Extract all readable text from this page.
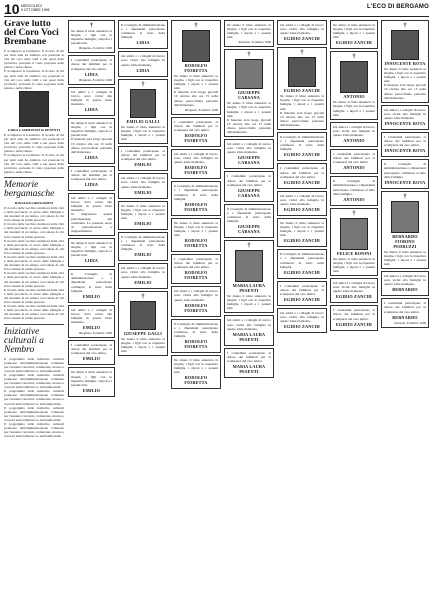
10 MERCOLEDÌ
9 OTTOBRE 1996	L'ECO DI BERGAMO
Grave lutto del Coro Voci Brembane

È scomparsa la fondatrice. Il ricordo di chi per tanti anni ha animato con passione la vita del coro nelle valli e nei paesi della provincia, portando il canto popolare nelle piazze e nelle chiese.

È scomparsa la fondatrice. Il ricordo di chi per tanti anni ha animato con passione la vita del coro nelle valli e nei paesi della provincia, portando il canto popolare nelle piazze e nelle chiese.

LIDIA CAMMINATI in PESENTI

È scomparsa la fondatrice. Il ricordo di chi per tanti anni ha animato con passione la vita del coro nelle valli e nei paesi della provincia, portando il canto popolare nelle piazze e nelle chiese.

È scomparsa la fondatrice. Il ricordo di chi per tanti anni ha animato con passione la vita del coro nelle valli e nei paesi della provincia, portando il canto popolare nelle piazze e nelle chiese.

Memorie bergamasche
RINALDO GREGORINI

Il ricordo delle vecchie tradizioni della città e della provincia, le storie delle famiglie e dei mestieri di un tempo, raccontate da chi le ha vissute in prima persona.

Il ricordo delle vecchie tradizioni della città e della provincia, le storie delle famiglie e dei mestieri di un tempo, raccontate da chi le ha vissute in prima persona.

Il ricordo delle vecchie tradizioni della città e della provincia, le storie delle famiglie e dei mestieri di un tempo, raccontate da chi le ha vissute in prima persona.

Il ricordo delle vecchie tradizioni della città e della provincia, le storie delle famiglie e dei mestieri di un tempo, raccontate da chi le ha vissute in prima persona.

Il ricordo delle vecchie tradizioni della città e della provincia, le storie delle famiglie e dei mestieri di un tempo, raccontate da chi le ha vissute in prima persona.

Il ricordo delle vecchie tradizioni della città e della provincia, le storie delle famiglie e dei mestieri di un tempo, raccontate da chi le ha vissute in prima persona.

Il ricordo delle vecchie tradizioni della città e della provincia, le storie delle famiglie e dei mestieri di un tempo, raccontate da chi le ha vissute in prima persona.

Iniziative culturali a Nembro

Il programma delle iniziative culturali promosse dall'amministrazione comunale per l'autunno: incontri, conferenze, mostre e concerti nella biblioteca e nell'auditorium.

Il programma delle iniziative culturali promosse dall'amministrazione comunale per l'autunno: incontri, conferenze, mostre e concerti nella biblioteca e nell'auditorium.

Il programma delle iniziative culturali promosse dall'amministrazione comunale per l'autunno: incontri, conferenze, mostre e concerti nella biblioteca e nell'auditorium.

Il programma delle iniziative culturali promosse dall'amministrazione comunale per l'autunno: incontri, conferenze, mostre e concerti nella biblioteca e nell'auditorium.

Il programma delle iniziative culturali promosse dall'amministrazione comunale per l'autunno: incontri, conferenze, mostre e concerti nella biblioteca e nell'auditorium.

†

Ne danno il triste annuncio la moglie, i figli con le rispettive famiglie, i nipoti e i parenti tutti.

Bergamo, 8 ottobre 1996

I condomini partecipano al dolore dei familiari per la scomparsa del caro amico.

LIDIA

Bergamo, 8 ottobre 1996

Gli amici e i colleghi di lavoro sono vicini alla famiglia in questo triste momento.

LIDIA

Ne danno il triste annuncio la moglie, i figli con le rispettive famiglie, i nipoti e i parenti tutti.

Il funerale avrà luogo giovedì 10 ottobre alle ore 15 nella chiesa parrocchiale partendo dall'abitazione.

LIDIA

I condomini partecipano al dolore dei familiari per la scomparsa del caro amico.

LIDIA

Gli amici e i colleghi di lavoro sono vicini alla famiglia in questo triste momento.

Si ringraziano quanti parteciperanno alla cerimonia. La presente serve di partecipazione e ringraziamento.

Ne danno il triste annuncio la moglie, i figli con le rispettive famiglie, i nipoti e i parenti tutti.

LIDIA

Il Consiglio di amministrazione e i dipendenti partecipano commossi al lutto della famiglia.

EMILIO

Gli amici e i colleghi di lavoro sono vicini alla famiglia in questo triste momento.

EMILIO

Bergamo, 8 ottobre 1996

I condomini partecipano al dolore dei familiari per la scomparsa del caro amico.

EMILIO

Ne danno il triste annuncio la moglie, i figli con le rispettive famiglie, i nipoti e i parenti tutti.

EMILIO

Il Consiglio di amministrazione e i dipendenti partecipano commossi al lutto della famiglia.

LIDIA

Gli amici e i colleghi di lavoro sono vicini alla famiglia in questo triste momento.

LIDIA
†
EMILIO GALLI

Ne danno il triste annuncio la moglie, i figli con le rispettive famiglie, i nipoti e i parenti tutti.

I condomini partecipano al dolore dei familiari per la scomparsa del caro amico.

EMILIO

Gli amici e i colleghi di lavoro sono vicini alla famiglia in questo triste momento.

EMILIO

Ne danno il triste annuncio la moglie, i figli con le rispettive famiglie, i nipoti e i parenti tutti.

EMILIO

Il Consiglio di amministrazione e i dipendenti partecipano commossi al lutto della famiglia.

EMILIO

Gli amici e i colleghi di lavoro sono vicini alla famiglia in questo triste momento.

EMILIO
†
GIUSEPPE GALLI

Ne danno il triste annuncio la moglie, i figli con le rispettive famiglie, i nipoti e i parenti tutti.

†
RODOLFO FIORETTA

Ne danno il triste annuncio la moglie, i figli con le rispettive famiglie, i nipoti e i parenti tutti.

Il funerale avrà luogo giovedì 10 ottobre alle ore 15 nella chiesa parrocchiale partendo dall'abitazione.

Bergamo, 8 ottobre 1996

I condomini partecipano al dolore dei familiari per la scomparsa del caro amico.

RODOLFO FIORETTA

Gli amici e i colleghi di lavoro sono vicini alla famiglia in questo triste momento.

RODOLFO FIORETTA

Il Consiglio di amministrazione e i dipendenti partecipano commossi al lutto della famiglia.

RODOLFO FIORETTA

Ne danno il triste annuncio la moglie, i figli con le rispettive famiglie, i nipoti e i parenti tutti.

RODOLFO FIORETTA

I condomini partecipano al dolore dei familiari per la scomparsa del caro amico.

RODOLFO FIORETTA

Gli amici e i colleghi di lavoro sono vicini alla famiglia in questo triste momento.

RODOLFO FIORETTA

Il Consiglio di amministrazione e i dipendenti partecipano commossi al lutto della famiglia.

RODOLFO FIORETTA

Ne danno il triste annuncio la moglie, i figli con le rispettive famiglie, i nipoti e i parenti tutti.

RODOLFO FIORETTA

Ne danno il triste annuncio la moglie, i figli con le rispettive famiglie, i nipoti e i parenti tutti.

Almenno, 8 ottobre 1996

†
GIUSEPPE CARSANA

Ne danno il triste annuncio la moglie, i figli con le rispettive famiglie, i nipoti e i parenti tutti.

Il funerale avrà luogo giovedì 10 ottobre alle ore 15 nella chiesa parrocchiale partendo dall'abitazione.

Gli amici e i colleghi di lavoro sono vicini alla famiglia in questo triste momento.

GIUSEPPE CARSANA

I condomini partecipano al dolore dei familiari per la scomparsa del caro amico.

GIUSEPPE CARSANA

Il Consiglio di amministrazione e i dipendenti partecipano commossi al lutto della famiglia.

GIUSEPPE CARSANA
†
MARIA LAURA PESENTI

Ne danno il triste annuncio la moglie, i figli con le rispettive famiglie, i nipoti e i parenti tutti.

Gli amici e i colleghi di lavoro sono vicini alla famiglia in questo triste momento.

MARIA LAURA PESENTI

I condomini partecipano al dolore dei familiari per la scomparsa del caro amico.

MARIA LAURA PESENTI

Gli amici e i colleghi di lavoro sono vicini alla famiglia in questo triste momento.

EGIDIO ZANCHI
†
EGIDIO ZANCHI

Ne danno il triste annuncio la moglie, i figli con le rispettive famiglie, i nipoti e i parenti tutti.

Il funerale avrà luogo giovedì 10 ottobre alle ore 15 nella chiesa parrocchiale partendo dall'abitazione.

Il Consiglio di amministrazione e i dipendenti partecipano commossi al lutto della famiglia.

EGIDIO ZANCHI

I condomini partecipano al dolore dei familiari per la scomparsa del caro amico.

EGIDIO ZANCHI

Gli amici e i colleghi di lavoro sono vicini alla famiglia in questo triste momento.

EGIDIO ZANCHI

Ne danno il triste annuncio la moglie, i figli con le rispettive famiglie, i nipoti e i parenti tutti.

EGIDIO ZANCHI

Il Consiglio di amministrazione e i dipendenti partecipano commossi al lutto della famiglia.

EGIDIO ZANCHI

I condomini partecipano al dolore dei familiari per la scomparsa del caro amico.

EGIDIO ZANCHI

Gli amici e i colleghi di lavoro sono vicini alla famiglia in questo triste momento.

EGIDIO ZANCHI

Ne danno il triste annuncio la moglie, i figli con le rispettive famiglie, i nipoti e i parenti tutti.

EGIDIO ZANCHI
†
ANTONIO

Ne danno il triste annuncio la moglie, i figli con le rispettive famiglie, i nipoti e i parenti tutti.

Gli amici e i colleghi di lavoro sono vicini alla famiglia in questo triste momento.

ANTONIO

I condomini partecipano al dolore dei familiari per la scomparsa del caro amico.

ANTONIO

Il Consiglio di amministrazione e i dipendenti partecipano commossi al lutto della famiglia.

ANTONIO
†
FELICE BONINI

Ne danno il triste annuncio la moglie, i figli con le rispettive famiglie, i nipoti e i parenti tutti.

Gli amici e i colleghi di lavoro sono vicini alla famiglia in questo triste momento.

EGIDIO ZANCHI

I condomini partecipano al dolore dei familiari per la scomparsa del caro amico.

EGIDIO ZANCHI
†
INNOCENTE ROTA

Ne danno il triste annuncio la moglie, i figli con le rispettive famiglie, i nipoti e i parenti tutti.

Il funerale avrà luogo giovedì 10 ottobre alle ore 15 nella chiesa parrocchiale partendo dall'abitazione.

Gli amici e i colleghi di lavoro sono vicini alla famiglia in questo triste momento.

INNOCENTE ROTA

I condomini partecipano al dolore dei familiari per la scomparsa del caro amico.

INNOCENTE ROTA

Il Consiglio di amministrazione e i dipendenti partecipano commossi al lutto della famiglia.

INNOCENTE ROTA
†
BERNARDO FIORINO PEDRUZZI

Ne danno il triste annuncio la moglie, i figli con le rispettive famiglie, i nipoti e i parenti tutti.

Gli amici e i colleghi di lavoro sono vicini alla famiglia in questo triste momento.

BERNARDO

I condomini partecipano al dolore dei familiari per la scomparsa del caro amico.

BERNARDO

Sorisole, 8 ottobre 1996
